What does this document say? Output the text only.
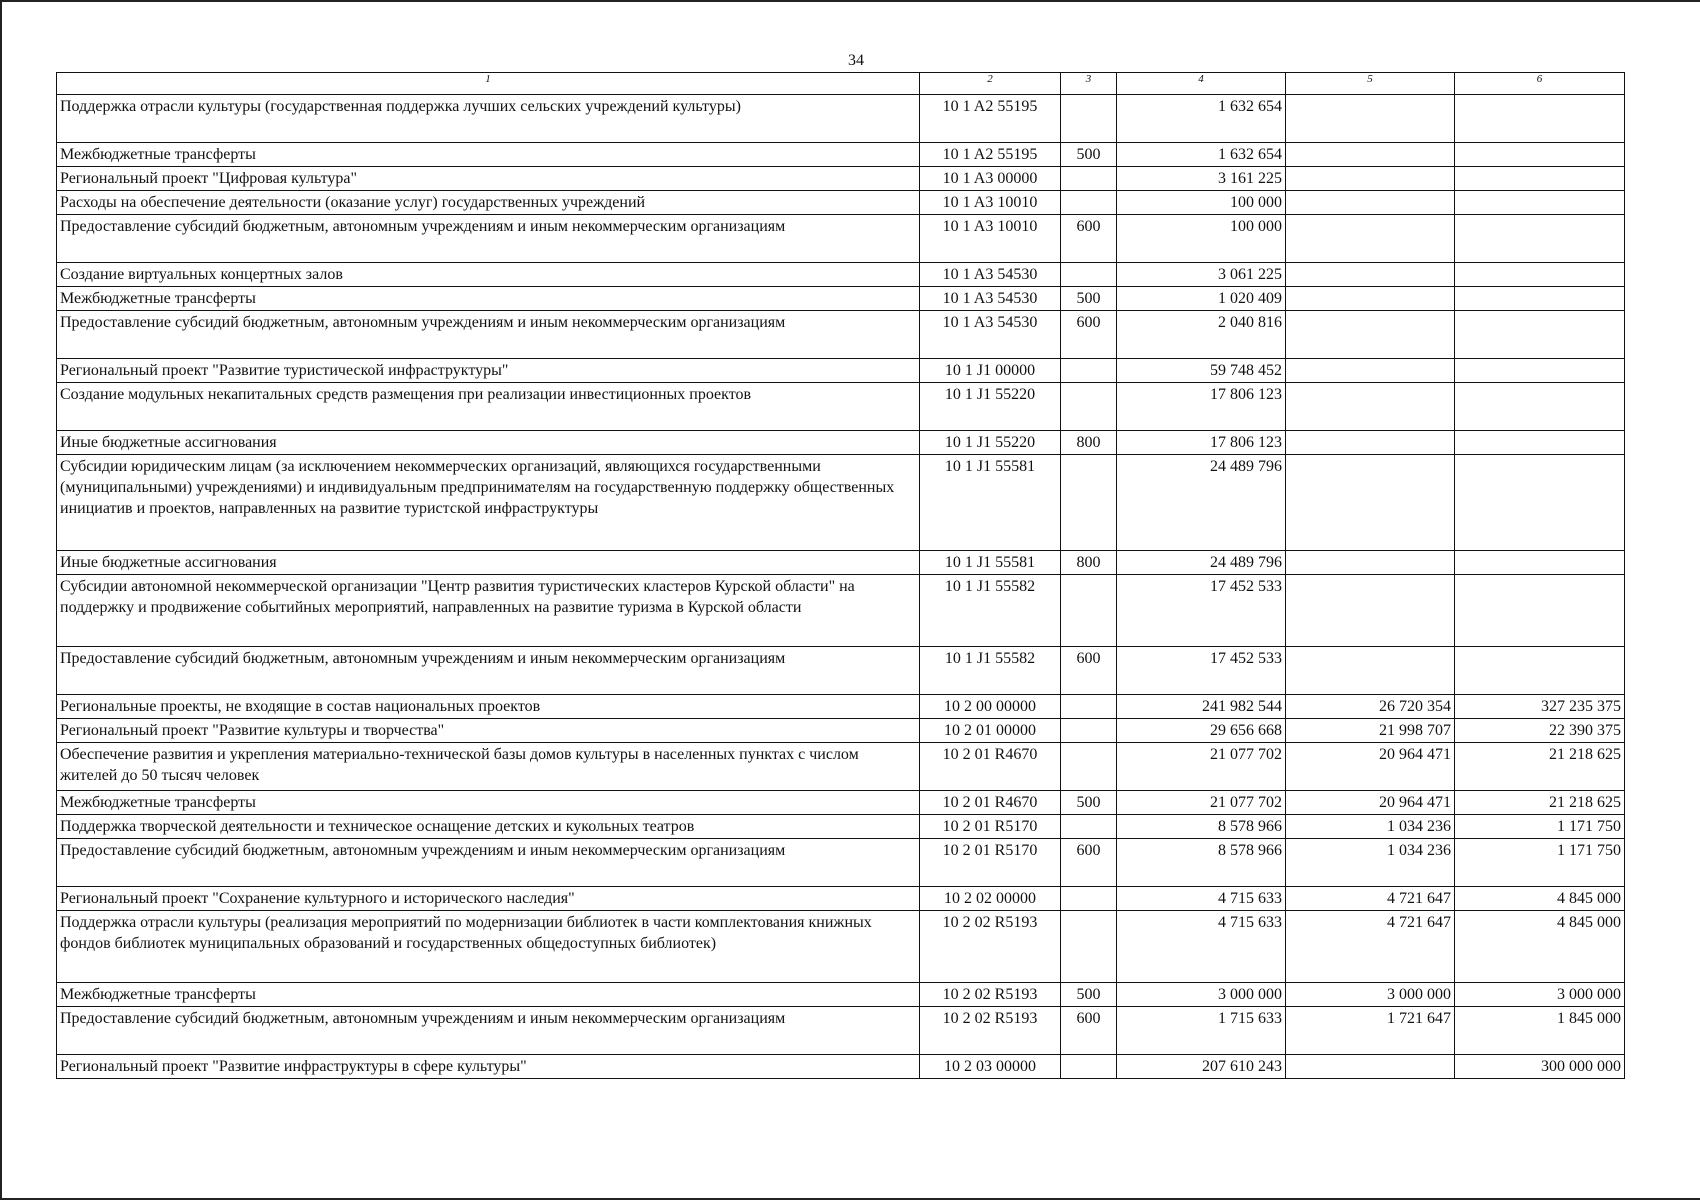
34
1	2	3	4	5	6
Поддержка отрасли культуры (государственная поддержка лучших сельских учреждений культуры)	10 1 A2 55195		1 632 654		
Межбюджетные трансферты	10 1 A2 55195	500	1 632 654		
Региональный проект "Цифровая культура"	10 1 A3 00000		3 161 225		
Расходы на обеспечение деятельности (оказание услуг) государственных учреждений	10 1 A3 10010		100 000		
Предоставление субсидий бюджетным, автономным учреждениям и иным некоммерческим организациям	10 1 A3 10010	600	100 000		
Создание виртуальных концертных залов	10 1 A3 54530		3 061 225		
Межбюджетные трансферты	10 1 A3 54530	500	1 020 409		
Предоставление субсидий бюджетным, автономным учреждениям и иным некоммерческим организациям	10 1 A3 54530	600	2 040 816		
Региональный проект "Развитие туристической инфраструктуры"	10 1 J1 00000		59 748 452		
Создание модульных некапитальных средств размещения при реализации инвестиционных проектов	10 1 J1 55220		17 806 123		
Иные бюджетные ассигнования	10 1 J1 55220	800	17 806 123		
Субсидии юридическим лицам (за исключением некоммерческих организаций, являющихся государственными (муниципальными) учреждениями) и индивидуальным предпринимателям на государственную поддержку общественных инициатив и проектов, направленных на развитие туристской инфраструктуры	10 1 J1 55581		24 489 796		
Иные бюджетные ассигнования	10 1 J1 55581	800	24 489 796		
Субсидии автономной некоммерческой организации "Центр развития туристических кластеров Курской области" на поддержку и продвижение событийных мероприятий, направленных на развитие туризма в Курской области	10 1 J1 55582		17 452 533		
Предоставление субсидий бюджетным, автономным учреждениям и иным некоммерческим организациям	10 1 J1 55582	600	17 452 533		
Региональные проекты, не входящие в состав национальных проектов	10 2 00 00000		241 982 544	26 720 354	327 235 375
Региональный проект "Развитие культуры и творчества"	10 2 01 00000		29 656 668	21 998 707	22 390 375
Обеспечение развития и укрепления материально-технической базы домов культуры в населенных пунктах с числом жителей до 50 тысяч человек	10 2 01 R4670		21 077 702	20 964 471	21 218 625
Межбюджетные трансферты	10 2 01 R4670	500	21 077 702	20 964 471	21 218 625
Поддержка творческой деятельности и техническое оснащение детских и кукольных театров	10 2 01 R5170		8 578 966	1 034 236	1 171 750
Предоставление субсидий бюджетным, автономным учреждениям и иным некоммерческим организациям	10 2 01 R5170	600	8 578 966	1 034 236	1 171 750
Региональный проект "Сохранение культурного и исторического наследия"	10 2 02 00000		4 715 633	4 721 647	4 845 000
Поддержка отрасли культуры (реализация мероприятий по модернизации библиотек в части комплектования книжных фондов библиотек муниципальных образований и государственных общедоступных библиотек)	10 2 02 R5193		4 715 633	4 721 647	4 845 000
Межбюджетные трансферты	10 2 02 R5193	500	3 000 000	3 000 000	3 000 000
Предоставление субсидий бюджетным, автономным учреждениям и иным некоммерческим организациям	10 2 02 R5193	600	1 715 633	1 721 647	1 845 000
Региональный проект "Развитие инфраструктуры в сфере культуры"	10 2 03 00000		207 610 243		300 000 000
